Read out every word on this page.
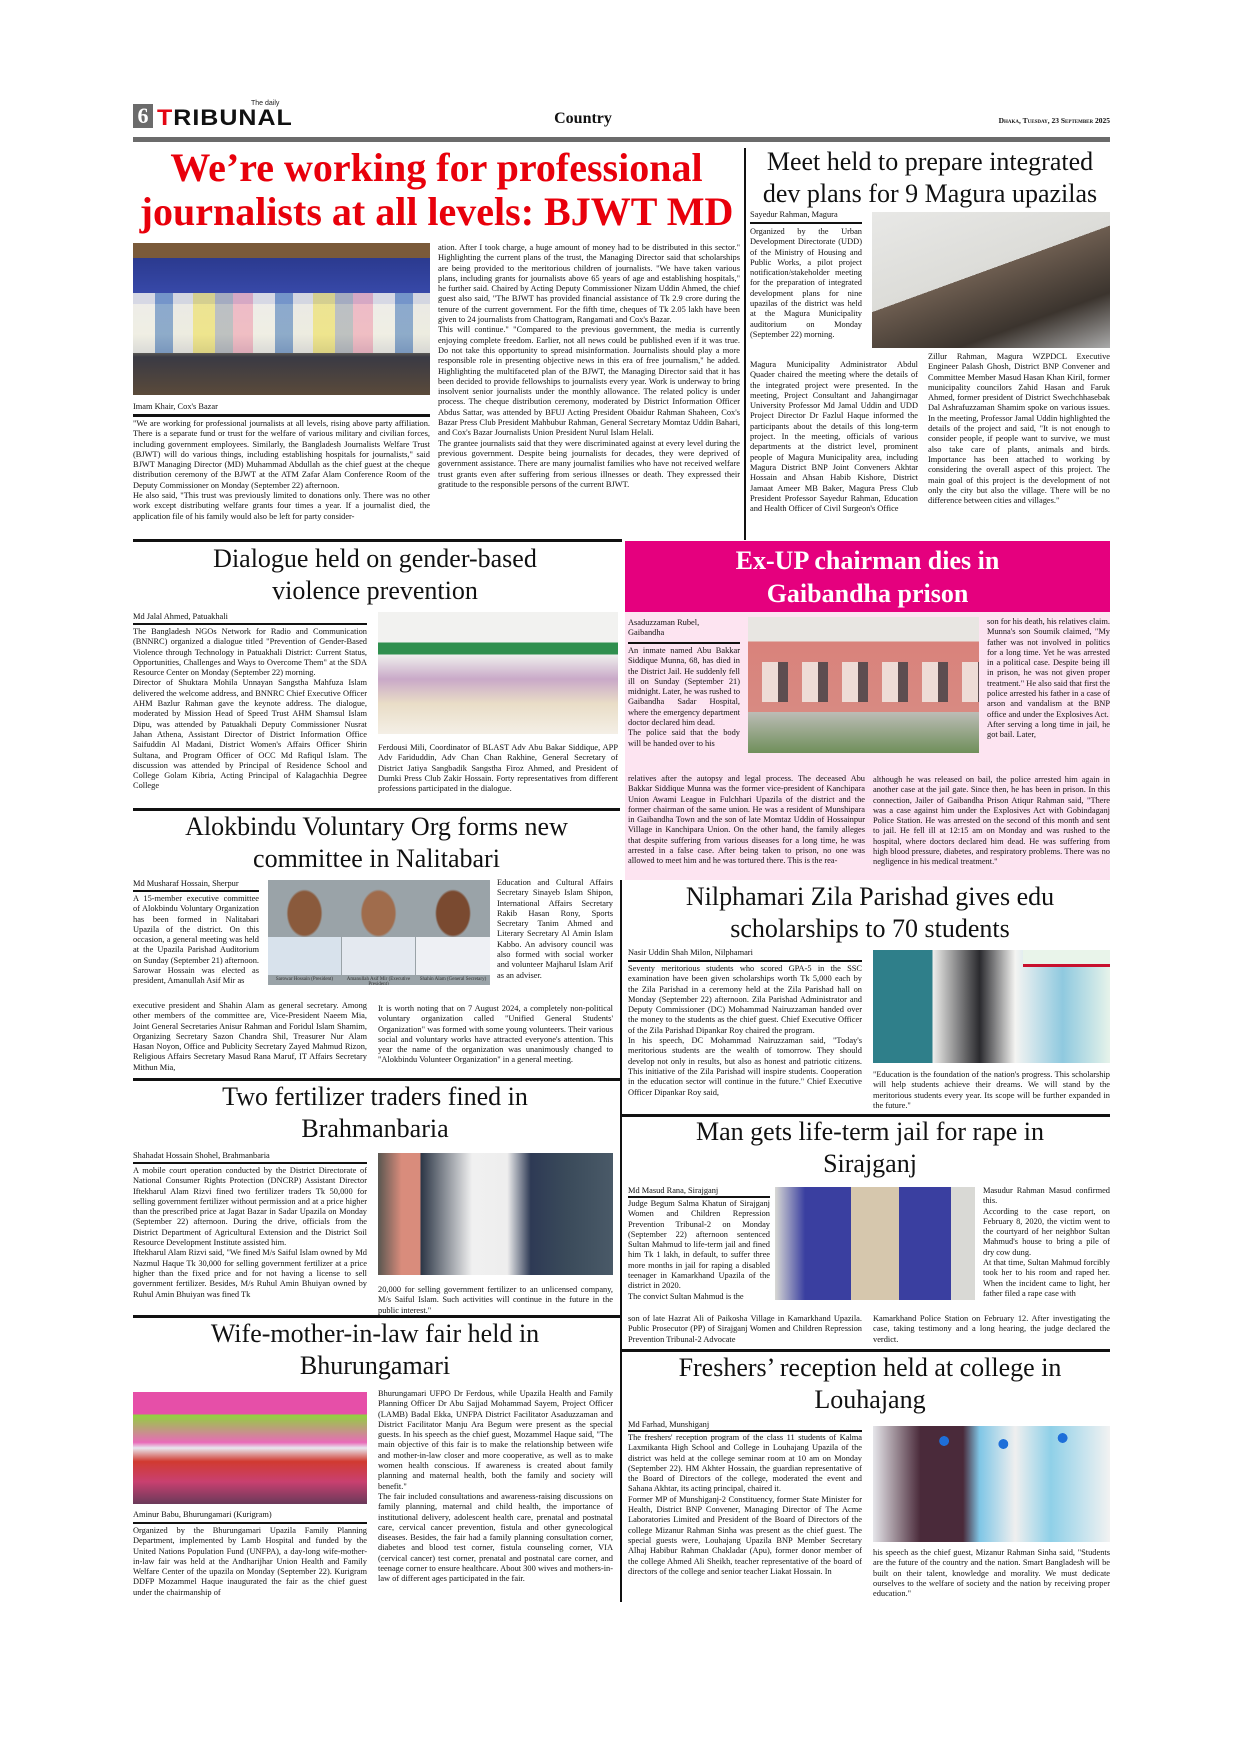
6	The daily
TRIBUNAL	Country	Dhaka, Tuesday, 23 September 2025
We’re working for professional journalists at all levels: BJWT MD
Imam Khair, Cox's Bazar
"We are working for professional journalists at all levels, rising above party affiliation. There is a separate fund or trust for the welfare of various military and civilian forces, including government employees. Similarly, the Bangladesh Journalists Welfare Trust (BJWT) will do various things, including establishing hospitals for journalists," said BJWT Managing Director (MD) Muhammad Abdullah as the chief guest at the cheque distribution ceremony of the BJWT at the ATM Zafar Alam Conference Room of the Deputy Commissioner on Monday (September 22) afternoon.
He also said, "This trust was previously limited to donations only. There was no other work except distributing welfare grants four times a year. If a journalist died, the application file of his family would also be left for party consider-
ation. After I took charge, a huge amount of money had to be distributed in this sector." Highlighting the current plans of the trust, the Managing Director said that scholarships are being provided to the meritorious children of journalists. "We have taken various plans, including grants for journalists above 65 years of age and establishing hospitals," he further said. Chaired by Acting Deputy Commissioner Nizam Uddin Ahmed, the chief guest also said, "The BJWT has provided financial assistance of Tk 2.9 crore during the tenure of the current government. For the fifth time, cheques of Tk 2.05 lakh have been given to 24 journalists from Chattogram, Rangamati and Cox's Bazar.
This will continue." "Compared to the previous government, the media is currently enjoying complete freedom. Earlier, not all news could be published even if it was true. Do not take this opportunity to spread misinformation. Journalists should play a more responsible role in presenting objective news in this era of free journalism," he added. Highlighting the multifaceted plan of the BJWT, the Managing Director said that it has been decided to provide fellowships to journalists every year. Work is underway to bring insolvent senior journalists under the monthly allowance. The related policy is under process. The cheque distribution ceremony, moderated by District Information Officer Abdus Sattar, was attended by BFUJ Acting President Obaidur Rahman Shaheen, Cox's Bazar Press Club President Mahbubur Rahman, General Secretary Momtaz Uddin Bahari, and Cox's Bazar Journalists Union President Nurul Islam Helali.
The grantee journalists said that they were discriminated against at every level during the previous government. Despite being journalists for decades, they were deprived of government assistance. There are many journalist families who have not received welfare trust grants even after suffering from serious illnesses or death. They expressed their gratitude to the responsible persons of the current BJWT.
Meet held to prepare integrated dev plans for 9 Magura upazilas
Sayedur Rahman, Magura
Organized by the Urban Development Directorate (UDD) of the Ministry of Housing and Public Works, a pilot project notification/stakeholder meeting for the preparation of integrated development plans for nine upazilas of the district was held at the Magura Municipality auditorium on Monday (September 22) morning.
Magura Municipality Administrator Abdul Quader chaired the meeting where the details of the integrated project were presented. In the meeting, Project Consultant and Jahangirnagar University Professor Md Jamal Uddin and UDD Project Director Dr Fazlul Haque informed the participants about the details of this long-term project. In the meeting, officials of various departments at the district level, prominent people of Magura Municipality area, including Magura District BNP Joint Conveners Akhtar Hossain and Ahsan Habib Kishore, District Jamaat Ameer MB Baker, Magura Press Club President Professor Sayedur Rahman, Education and Health Officer of Civil Surgeon's Office
Zillur Rahman, Magura WZPDCL Executive Engineer Palash Ghosh, District BNP Convener and Committee Member Masud Hasan Khan Kiril, former municipality councilors Zahid Hasan and Faruk Ahmed, former president of District Swechchhasebak Dal Ashrafuzzaman Shamim spoke on various issues. In the meeting, Professor Jamal Uddin highlighted the details of the project and said, "It is not enough to consider people, if people want to survive, we must also take care of plants, animals and birds. Importance has been attached to working by considering the overall aspect of this project. The main goal of this project is the development of not only the city but also the village. There will be no difference between cities and villages."
Dialogue held on gender-based violence prevention
Md Jalal Ahmed, Patuakhali
The Bangladesh NGOs Network for Radio and Communication (BNNRC) organized a dialogue titled "Prevention of Gender-Based Violence through Technology in Patuakhali District: Current Status, Opportunities, Challenges and Ways to Overcome Them" at the SDA Resource Center on Monday (September 22) morning.
Director of Shuktara Mohila Unnayan Sangstha Mahfuza Islam delivered the welcome address, and BNNRC Chief Executive Officer AHM Bazlur Rahman gave the keynote address. The dialogue, moderated by Mission Head of Speed Trust AHM Shamsul Islam Dipu, was attended by Patuakhali Deputy Commissioner Nusrat Jahan Athena, Assistant Director of District Information Office Saifuddin Al Madani, District Women's Affairs Officer Shirin Sultana, and Program Officer of OCC Md Rafiqul Islam. The discussion was attended by Principal of Residence School and College Golam Kibria, Acting Principal of Kalagachhia Degree College
Ferdousi Mili, Coordinator of BLAST Adv Abu Bakar Siddique, APP Adv Fariduddin, Adv Chan Chan Rakhine, General Secretary of District Jatiya Sangbadik Sangstha Firoz Ahmed, and President of Dumki Press Club Zakir Hossain. Forty representatives from different professions participated in the dialogue.
Ex-UP chairman dies in Gaibandha prison
Asaduzzaman Rubel,
Gaibandha
An inmate named Abu Bakkar Siddique Munna, 68, has died in the District Jail. He suddenly fell ill on Sunday (September 21) midnight. Later, he was rushed to Gaibandha Sadar Hospital, where the emergency department doctor declared him dead.
The police said that the body will be handed over to his
son for his death, his relatives claim. Munna's son Soumik claimed, "My father was not involved in politics for a long time. Yet he was arrested in a political case. Despite being ill in prison, he was not given proper treatment." He also said that first the police arrested his father in a case of arson and vandalism at the BNP office and under the Explosives Act.
After serving a long time in jail, he got bail. Later,
relatives after the autopsy and legal process. The deceased Abu Bakkar Siddique Munna was the former vice-president of Kanchipara Union Awami League in Fulchhari Upazila of the district and the former chairman of the same union. He was a resident of Munshipara in Gaibandha Town and the son of late Momtaz Uddin of Hossainpur Village in Kanchipara Union. On the other hand, the family alleges that despite suffering from various diseases for a long time, he was arrested in a false case. After being taken to prison, no one was allowed to meet him and he was tortured there. This is the rea-
although he was released on bail, the police arrested him again in another case at the jail gate. Since then, he has been in prison. In this connection, Jailer of Gaibandha Prison Atiqur Rahman said, "There was a case against him under the Explosives Act with Gobindaganj Police Station. He was arrested on the second of this month and sent to jail. He fell ill at 12:15 am on Monday and was rushed to the hospital, where doctors declared him dead. He was suffering from high blood pressure, diabetes, and respiratory problems. There was no negligence in his medical treatment."
Alokbindu Voluntary Org forms new committee in Nalitabari
Md Musharaf Hossain, Sherpur
A 15-member executive committee of Alokbindu Voluntary Organization has been formed in Nalitabari Upazila of the district. On this occasion, a general meeting was held at the Upazila Parishad Auditorium on Sunday (September 21) afternoon. Sarowar Hossain was elected as president, Amanullah Asif Mir as	Sarowar Hossain (President)	Amanullah Asif Mir (Executive President)
Shahin Alam (General Secretary)
Education and Cultural Affairs Secretary Sinayeb Islam Shipon, International Affairs Secretary Rakib Hasan Rony, Sports Secretary Tanim Ahmed and Literary Secretary Al Amin Islam Kabbo. An advisory council was also formed with social worker and volunteer Majharul Islam Arif as an adviser.
executive president and Shahin Alam as general secretary. Among other members of the committee are, Vice-President Naeem Mia, Joint General Secretaries Anisur Rahman and Foridul Islam Shamim, Organizing Secretary Sazon Chandra Shil, Treasurer Nur Alam Hasan Noyon, Office and Publicity Secretary Zayed Mahmud Rizon, Religious Affairs Secretary Masud Rana Maruf, IT Affairs Secretary Mithun Mia,
It is worth noting that on 7 August 2024, a completely non-political voluntary organization called "Unified General Students' Organization" was formed with some young volunteers. Their various social and voluntary works have attracted everyone's attention. This year the name of the organization was unanimously changed to "Alokbindu Volunteer Organization" in a general meeting.
Nilphamari Zila Parishad gives edu scholarships to 70 students
Nasir Uddin Shah Milon, Nilphamari
Seventy meritorious students who scored GPA-5 in the SSC examination have been given scholarships worth Tk 5,000 each by the Zila Parishad in a ceremony held at the Zila Parishad hall on Monday (September 22) afternoon. Zila Parishad Administrator and Deputy Commissioner (DC) Mohammad Nairuzzaman handed over the money to the students as the chief guest. Chief Executive Officer of the Zila Parishad Dipankar Roy chaired the program.
In his speech, DC Mohammad Nairuzzaman said, "Today's meritorious students are the wealth of tomorrow. They should develop not only in results, but also as honest and patriotic citizens. This initiative of the Zila Parishad will inspire students. Cooperation in the education sector will continue in the future." Chief Executive Officer Dipankar Roy said,
"Education is the foundation of the nation's progress. This scholarship will help students achieve their dreams. We will stand by the meritorious students every year. Its scope will be further expanded in the future."
Two fertilizer traders fined in Brahmanbaria
Shahadat Hossain Shohel, Brahmanbaria
A mobile court operation conducted by the District Directorate of National Consumer Rights Protection (DNCRP) Assistant Director Iftekharul Alam Rizvi fined two fertilizer traders Tk 50,000 for selling government fertilizer without permission and at a price higher than the prescribed price at Jagat Bazar in Sadar Upazila on Monday (September 22) afternoon. During the drive, officials from the District Department of Agricultural Extension and the District Soil Resource Development Institute assisted him.
Iftekharul Alam Rizvi said, "We fined M/s Saiful Islam owned by Md Nazmul Haque Tk 30,000 for selling government fertilizer at a price higher than the fixed price and for not having a license to sell government fertilizer. Besides, M/s Ruhul Amin Bhuiyan owned by Ruhul Amin Bhuiyan was fined Tk
20,000 for selling government fertilizer to an unlicensed company, M/s Saiful Islam. Such activities will continue in the future in the public interest."
Man gets life-term jail for rape in Sirajganj
Md Masud Rana, Sirajganj
Judge Begum Salma Khatun of Sirajganj Women and Children Repression Prevention Tribunal-2 on Monday (September 22) afternoon sentenced Sultan Mahmud to life-term jail and fined him Tk 1 lakh, in default, to suffer three more months in jail for raping a disabled teenager in Kamarkhand Upazila of the district in 2020.
The convict Sultan Mahmud is the
Masudur Rahman Masud confirmed this.
According to the case report, on February 8, 2020, the victim went to the courtyard of her neighbor Sultan Mahmud's house to bring a pile of dry cow dung.
At that time, Sultan Mahmud forcibly took her to his room and raped her. When the incident came to light, her father filed a rape case with
son of late Hazrat Ali of Paikosha Village in Kamarkhand Upazila. Public Prosecutor (PP) of Sirajganj Women and Children Repression Prevention Tribunal-2 Advocate
Kamarkhand Police Station on February 12. After investigating the case, taking testimony and a long hearing, the judge declared the verdict.
Wife-mother-in-law fair held in Bhurungamari
Aminur Babu, Bhurungamari (Kurigram)
Organized by the Bhurungamari Upazila Family Planning Department, implemented by Lamb Hospital and funded by the United Nations Population Fund (UNFPA), a day-long wife-mother-in-law fair was held at the Andharijhar Union Health and Family Welfare Center of the upazila on Monday (September 22). Kurigram DDFP Mozammel Haque inaugurated the fair as the chief guest under the chairmanship of
Bhurungamari UFPO Dr Ferdous, while Upazila Health and Family Planning Officer Dr Abu Sajjad Mohammad Sayem, Project Officer (LAMB) Badal Ekka, UNFPA District Facilitator Asaduzzaman and District Facilitator Manju Ara Begum were present as the special guests. In his speech as the chief guest, Mozammel Haque said, "The main objective of this fair is to make the relationship between wife and mother-in-law closer and more cooperative, as well as to make women health conscious. If awareness is created about family planning and maternal health, both the family and society will benefit."
The fair included consultations and awareness-raising discussions on family planning, maternal and child health, the importance of institutional delivery, adolescent health care, prenatal and postnatal care, cervical cancer prevention, fistula and other gynecological diseases. Besides, the fair had a family planning consultation corner, diabetes and blood test corner, fistula counseling corner, VIA (cervical cancer) test corner, prenatal and postnatal care corner, and teenage corner to ensure healthcare. About 300 wives and mothers-in-law of different ages participated in the fair.
Freshers’ reception held at college in Louhajang
Md Farhad, Munshiganj
The freshers' reception program of the class 11 students of Kalma Laxmikanta High School and College in Louhajang Upazila of the district was held at the college seminar room at 10 am on Monday (September 22). HM Akhter Hossain, the guardian representative of the Board of Directors of the college, moderated the event and Sahana Akhtar, its acting principal, chaired it.
Former MP of Munshiganj-2 Constituency, former State Minister for Health, District BNP Convener, Managing Director of The Acme Laboratories Limited and President of the Board of Directors of the college Mizanur Rahman Sinha was present as the chief guest. The special guests were, Louhajang Upazila BNP Member Secretary Alhaj Habibur Rahman Chakladar (Apu), former donor member of the college Ahmed Ali Sheikh, teacher representative of the board of directors of the college and senior teacher Liakat Hossain. In
his speech as the chief guest, Mizanur Rahman Sinha said, "Students are the future of the country and the nation. Smart Bangladesh will be built on their talent, knowledge and morality. We must dedicate ourselves to the welfare of society and the nation by receiving proper education."
